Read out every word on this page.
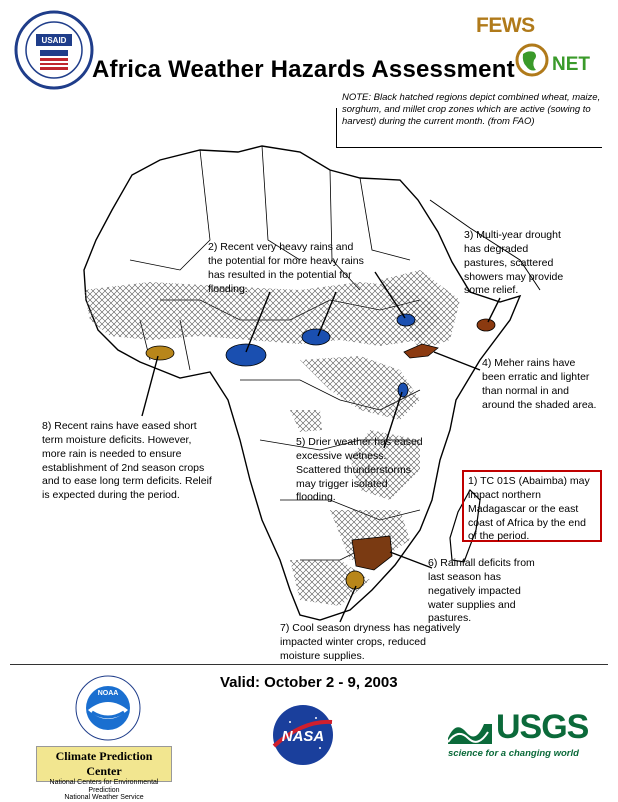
USAID
Africa Weather Hazards Assessment
FEWS
NET
NOTE: Black hatched regions depict combined wheat, maize, sorghum, and millet crop zones which are active (sowing to harvest) during the current month. (from FAO)
2) Recent very heavy rains and the potential for more heavy rains has resulted in the potential for flooding.
3) Multi-year drought has degraded pastures, scattered showers may provide some relief.
4) Meher rains have been erratic and lighter than normal in and around the shaded area.
5) Drier weather has eased excessive wetness. Scattered thunderstorms may trigger isolated flooding.
8) Recent rains have eased short term moisture deficits. However, more rain is needed to ensure establishment of 2nd season crops and to ease long term deficits. Releif is expected during the period.
6) Rainfall deficits from last season has negatively impacted water supplies and pastures.
7) Cool season dryness has negatively impacted winter crops, reduced moisture supplies.
1) TC 01S (Abaimba) may impact northern Madagascar or the east coast of Africa by the end of the period.
Valid: October 2 - 9, 2003
NOAA
Climate Prediction Center
National Centers for Environmental Prediction
National Weather Service
NASA	USGS
science for a changing world
